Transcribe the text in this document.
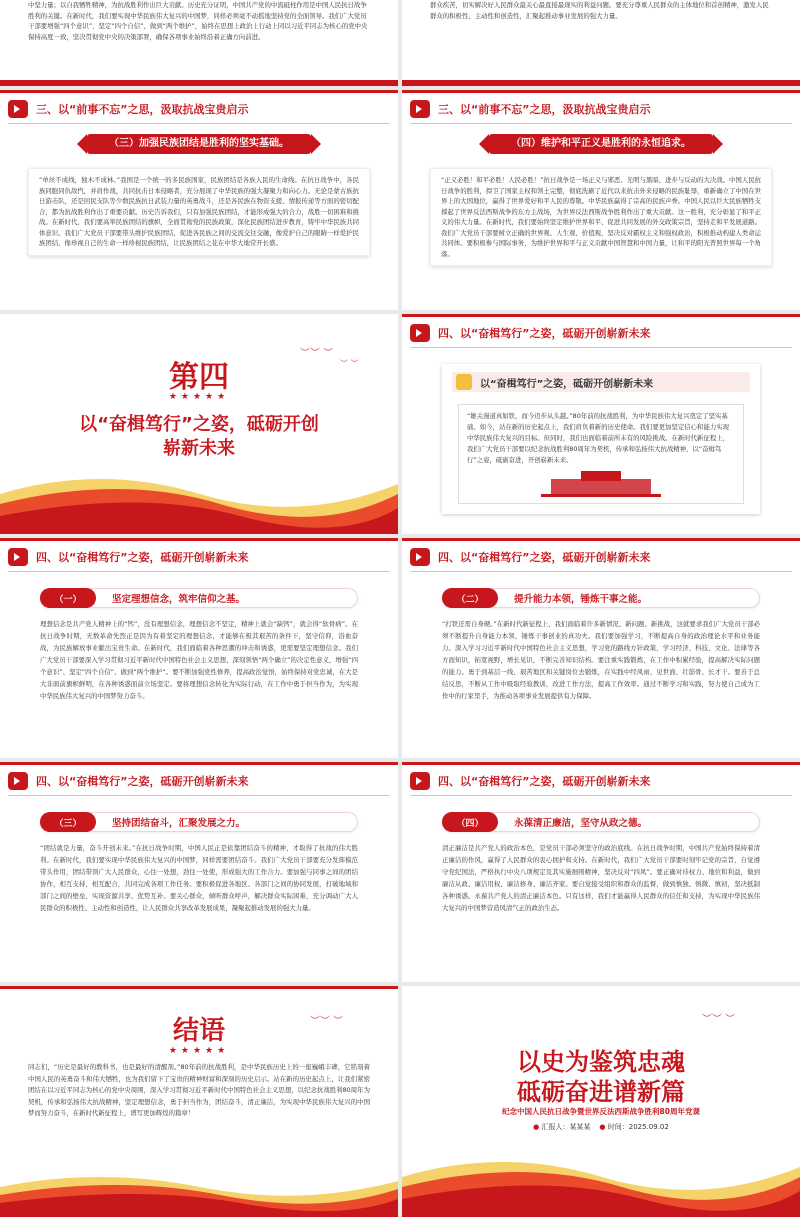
中坚力量；以自我牺牲精神，为抗战胜利作出巨大贡献。历史充分证明，中国共产党的中流砥柱作用是中国人民抗日战争胜利的关键。在新时代，我们要实现中华民族伟大复兴的中国梦，同样必须毫不动摇地坚持党的全面领导。我们广大党员干部要增强“四个意识”、坚定“四个自信”、做到“两个维护”，始终在思想上政治上行动上同以习近平同志为核心的党中央保持高度一致，坚决贯彻党中央的决策部署，确保各项事业始终沿着正确方向前进。
群众疾苦，切实解决好人民群众最关心最直接最现实的利益问题。要充分尊重人民群众的主体地位和首创精神，激发人民群众的积极性、主动性和创造性，汇聚起推动事业发展的强大力量。
三、以“前事不忘”之思，汲取抗战宝贵启示
（三）加强民族团结是胜利的坚实基础。
“单丝不成线，独木不成林。”我国是一个统一的多民族国家，民族团结是各族人民的生命线。在抗日战争中，各民族同胞同仇敌忾，并肩作战，共同抗击日本侵略者，充分展现了中华民族的强大凝聚力和向心力。无论是蒙古族抗日游击队，还是回民支队等少数民族抗日武装力量的英勇战斗，还是各民族在物资支援、情报传递等方面的密切配合，都为抗战胜利作出了重要贡献。历史告诉我们，只有加强民族团结，才能形成强大的合力，战胜一切困难和挑战。在新时代，我们要高举民族团结的旗帜，全面贯彻党的民族政策，深化民族团结进步教育，铸牢中华民族共同体意识。我们广大党员干部要带头维护民族团结，促进各民族之间的交流交往交融，像爱护自己的眼睛一样爱护民族团结，像珍视自己的生命一样珍视民族团结，让民族团结之花在中华大地常开长盛。
三、以“前事不忘”之思，汲取抗战宝贵启示
（四）维护和平正义是胜利的永恒追求。
“正义必胜！和平必胜！人民必胜！”抗日战争是一场正义与邪恶、光明与黑暗、进步与反动的大决战。中国人民抗日战争的胜利，捍卫了国家主权和领土完整，彻底洗刷了近代以来抗击外来侵略的民族耻辱，重新确立了中国在世界上的大国地位，赢得了世界爱好和平人民的尊敬。中华民族赢得了宗高的民族声誉。中国人民以巨大民族牺牲支撑起了世界反法西斯战争的东方主战场，为世界反法西斯战争胜利作出了重大贡献。这一胜利，充分彰显了和平正义的伟大力量。在新时代，我们要始终坚定维护世界和平、促进共同发展的外交政策宗旨，坚持走和平发展道路。我们广大党员干部要树立正确的世界观、人生观、价值观，坚决反对霸权主义和强权政治，积极推动构建人类命运共同体。要积极参与国际事务，为维护世界和平与正义贡献中国智慧和中国力量，让和平的阳光普照世界每一个角落。
︶︶ ︶
︶ ︶
第四
★★★★★
以“奋楫笃行”之姿，砥砺开创
崭新未来
四、以“奋楫笃行”之姿，砥砺开创崭新未来
以“奋楫笃行”之姿，砥砺开创崭新未来
“雄关漫道真如铁，而今迈步从头越。”80年前的抗战胜利，为中华民族伟大复兴奠定了坚实基础。如今，站在新的历史起点上，我们肩负着新的历史使命。我们要更加坚定信心和能力实现中华民族伟大复兴的目标。但同时，我们也面临着前所未有的风险挑战。在新时代新征程上，我们广大党员干部要以纪念抗战胜利80周年为契机，传承和弘扬伟大抗战精神，以“奋楫笃行”之姿，砥砺奋进，开创崭新未来。
四、以“奋楫笃行”之姿，砥砺开创崭新未来
（一）	坚定理想信念，筑牢信仰之基。
理想信念是共产党人精神上的“钙”，没有理想信念，理想信念不坚定，精神上就会“缺钙”，就会得“软骨病”。在抗日战争时期，无数革命先烈正是因为有着坚定的理想信念，才能够在极其艰苦的条件下，坚守信仰，浴血奋战，为民族解放事业献出宝贵生命。在新时代，我们面临着各种思潮的冲击和诱惑，更需要坚定理想信念。我们广大党员干部要深入学习贯彻习近平新时代中国特色社会主义思想，深刻领悟“两个确立”的决定性意义，增强“四个意识”、坚定“四个自信”、做到“两个维护”。要不断加强党性修养，提高政治觉悟，始终保持对党忠诚，在大是大非面前旗帜鲜明，在各种诱惑面前立场坚定。要将理想信念转化为实际行动，在工作中勇于担当作为，为实现中华民族伟大复兴的中国梦努力奋斗。
四、以“奋楫笃行”之姿，砥砺开创崭新未来
（二）	提升能力本领，锤炼干事之能。
“打铁还需自身硬。”在新时代新征程上，我们面临着许多新情况、新问题、新挑战，这就要求我们广大党员干部必须不断提升自身能力本领，锤炼干事创业的真功夫。我们要加强学习，不断提高自身的政治理论水平和业务能力。深入学习习近平新时代中国特色社会主义思想，学习党的路线方针政策，学习经济、科技、文化、法律等各方面知识，拓宽视野，增长见识，不断完善知识结构。要注重实践锻炼，在工作中积累经验，提高解决实际问题的能力。勇于到基层一线、艰苦地区和关键岗位去锻炼，在实践中经风雨、见世面、壮筋骨、长才干。要善于总结反思，不断从工作中吸取经验教训，改进工作方法，提高工作效率。通过不断学习和实践，努力使自己成为工作中的行家里手，为推动各项事业发展提供有力保障。
四、以“奋楫笃行”之姿，砥砺开创崭新未来
（三）	坚持团结奋斗，汇聚发展之力。
“团结就是力量，奋斗开创未来。”在抗日战争时期，中国人民正是依靠团结奋斗的精神，才取得了抗战的伟大胜利。在新时代，我们要实现中华民族伟大复兴的中国梦，同样需要团结奋斗。我们广大党员干部要充分发挥模范带头作用，团结带领广大人民群众，心往一处想，劲往一处使，形成强大的工作合力。要加强与同事之间的团结协作，相互支持，相互配合，共同完成各项工作任务。要积极促进各地区、各部门之间的协同发展，打破地域和部门之间的壁垒，实现资源共享、优势互补。要关心群众，倾听群众呼声，解决群众实际困难，充分调动广大人民群众的积极性、主动性和创造性，让人民群众共享改革发展成果，凝聚起推动发展的强大力量。
四、以“奋楫笃行”之姿，砥砺开创崭新未来
（四）	永葆清正廉洁，坚守从政之德。
清正廉洁是共产党人的政治本色，是党员干部必须坚守的政治底线。在抗日战争时期，中国共产党始终保持着清正廉洁的作风，赢得了人民群众的衷心拥护和支持。在新时代，我们广大党员干部要时刻牢记党的宗旨，自觉遵守党纪国法，严格执行中央八项规定及其实施细则精神，坚决反对“四风”。要正确对待权力、地位和利益，做到廉洁从政、廉洁用权、廉洁修身、廉洁齐家。要自觉接受组织和群众的监督，做到慎独、慎微、慎初，坚决抵制各种诱惑。永葆共产党人的清正廉洁本色。只有这样，我们才能赢得人民群众的信任和支持，为实现中华民族伟大复兴的中国梦营造风清气正的政治生态。
︶︶ ︶
结语
★★★★★
同志们，“历史是最好的教科书，也是最好的清醒剂。”80年前的抗战胜利，是中华民族历史上的一座巍峨丰碑，它铭刻着中国人民的英勇奋斗和伟大牺牲，也为我们留下了宝贵的精神财富和深刻的历史启示。站在新的历史起点上，让我们紧密团结在以习近平同志为核心的党中央周围，深入学习贯彻习近平新时代中国特色社会主义思想，以纪念抗战胜利80周年为契机，传承和弘扬伟大抗战精神，坚定理想信念，勇于担当作为，团结奋斗，清正廉洁，为实现中华民族伟大复兴的中国梦而努力奋斗，在新时代新征程上，谱写更加辉煌的篇章！
︶︶ ︶
以史为鉴筑忠魂
砥砺奋进谱新篇
纪念中国人民抗日战争暨世界反法西斯战争胜利80周年党课
● 汇报人：某某某 ● 时间：2025.09.02
